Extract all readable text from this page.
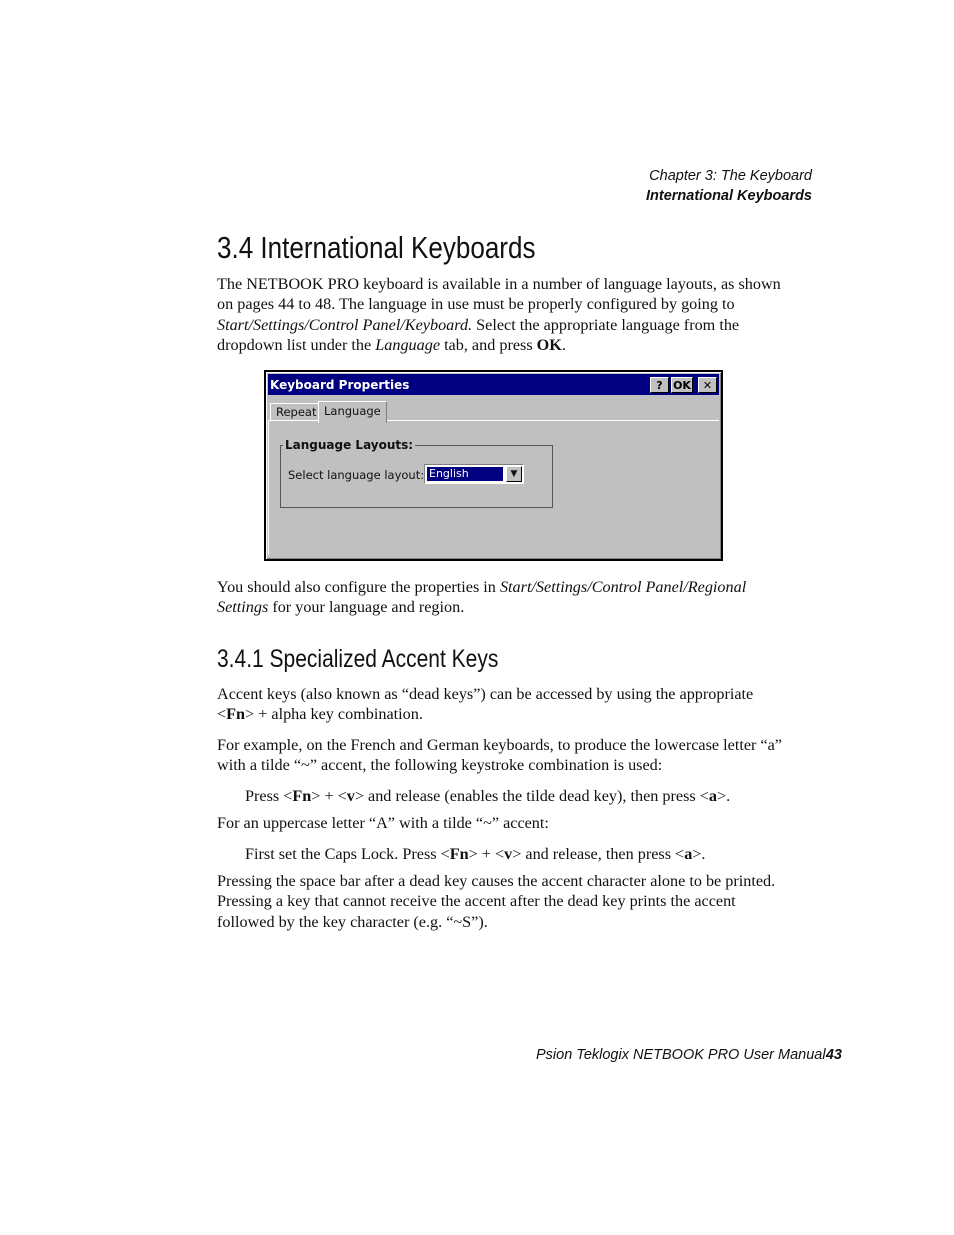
Chapter 3: The Keyboard
International Keyboards
3.4 International Keyboards

The NETBOOK PRO keyboard is available in a number of language layouts, as shown on pages 44 to 48. The language in use must be properly configured by going to Start/Settings/Control Panel/Keyboard. Select the appropriate language from the dropdown list under the Language tab, and press OK.

Keyboard Properties	? OK	✕
Repeat Language
Language Layouts:
Select language layout: English	▼

You should also configure the properties in Start/Settings/Control Panel/Regional Settings for your language and region.

3.4.1 Specialized Accent Keys

Accent keys (also known as “dead keys”) can be accessed by using the appropriate <Fn> + alpha key combination.

For example, on the French and German keyboards, to produce the lowercase letter “a” with a tilde “~” accent, the following keystroke combination is used:

Press <Fn> + <v> and release (enables the tilde dead key), then press <a>.

For an uppercase letter “A” with a tilde “~” accent:

First set the Caps Lock. Press <Fn> + <v> and release, then press <a>.

Pressing the space bar after a dead key causes the accent character alone to be printed. Pressing a key that cannot receive the accent after the dead key prints the accent followed by the key character (e.g. “~S”).

Psion Teklogix NETBOOK PRO User Manual 43
